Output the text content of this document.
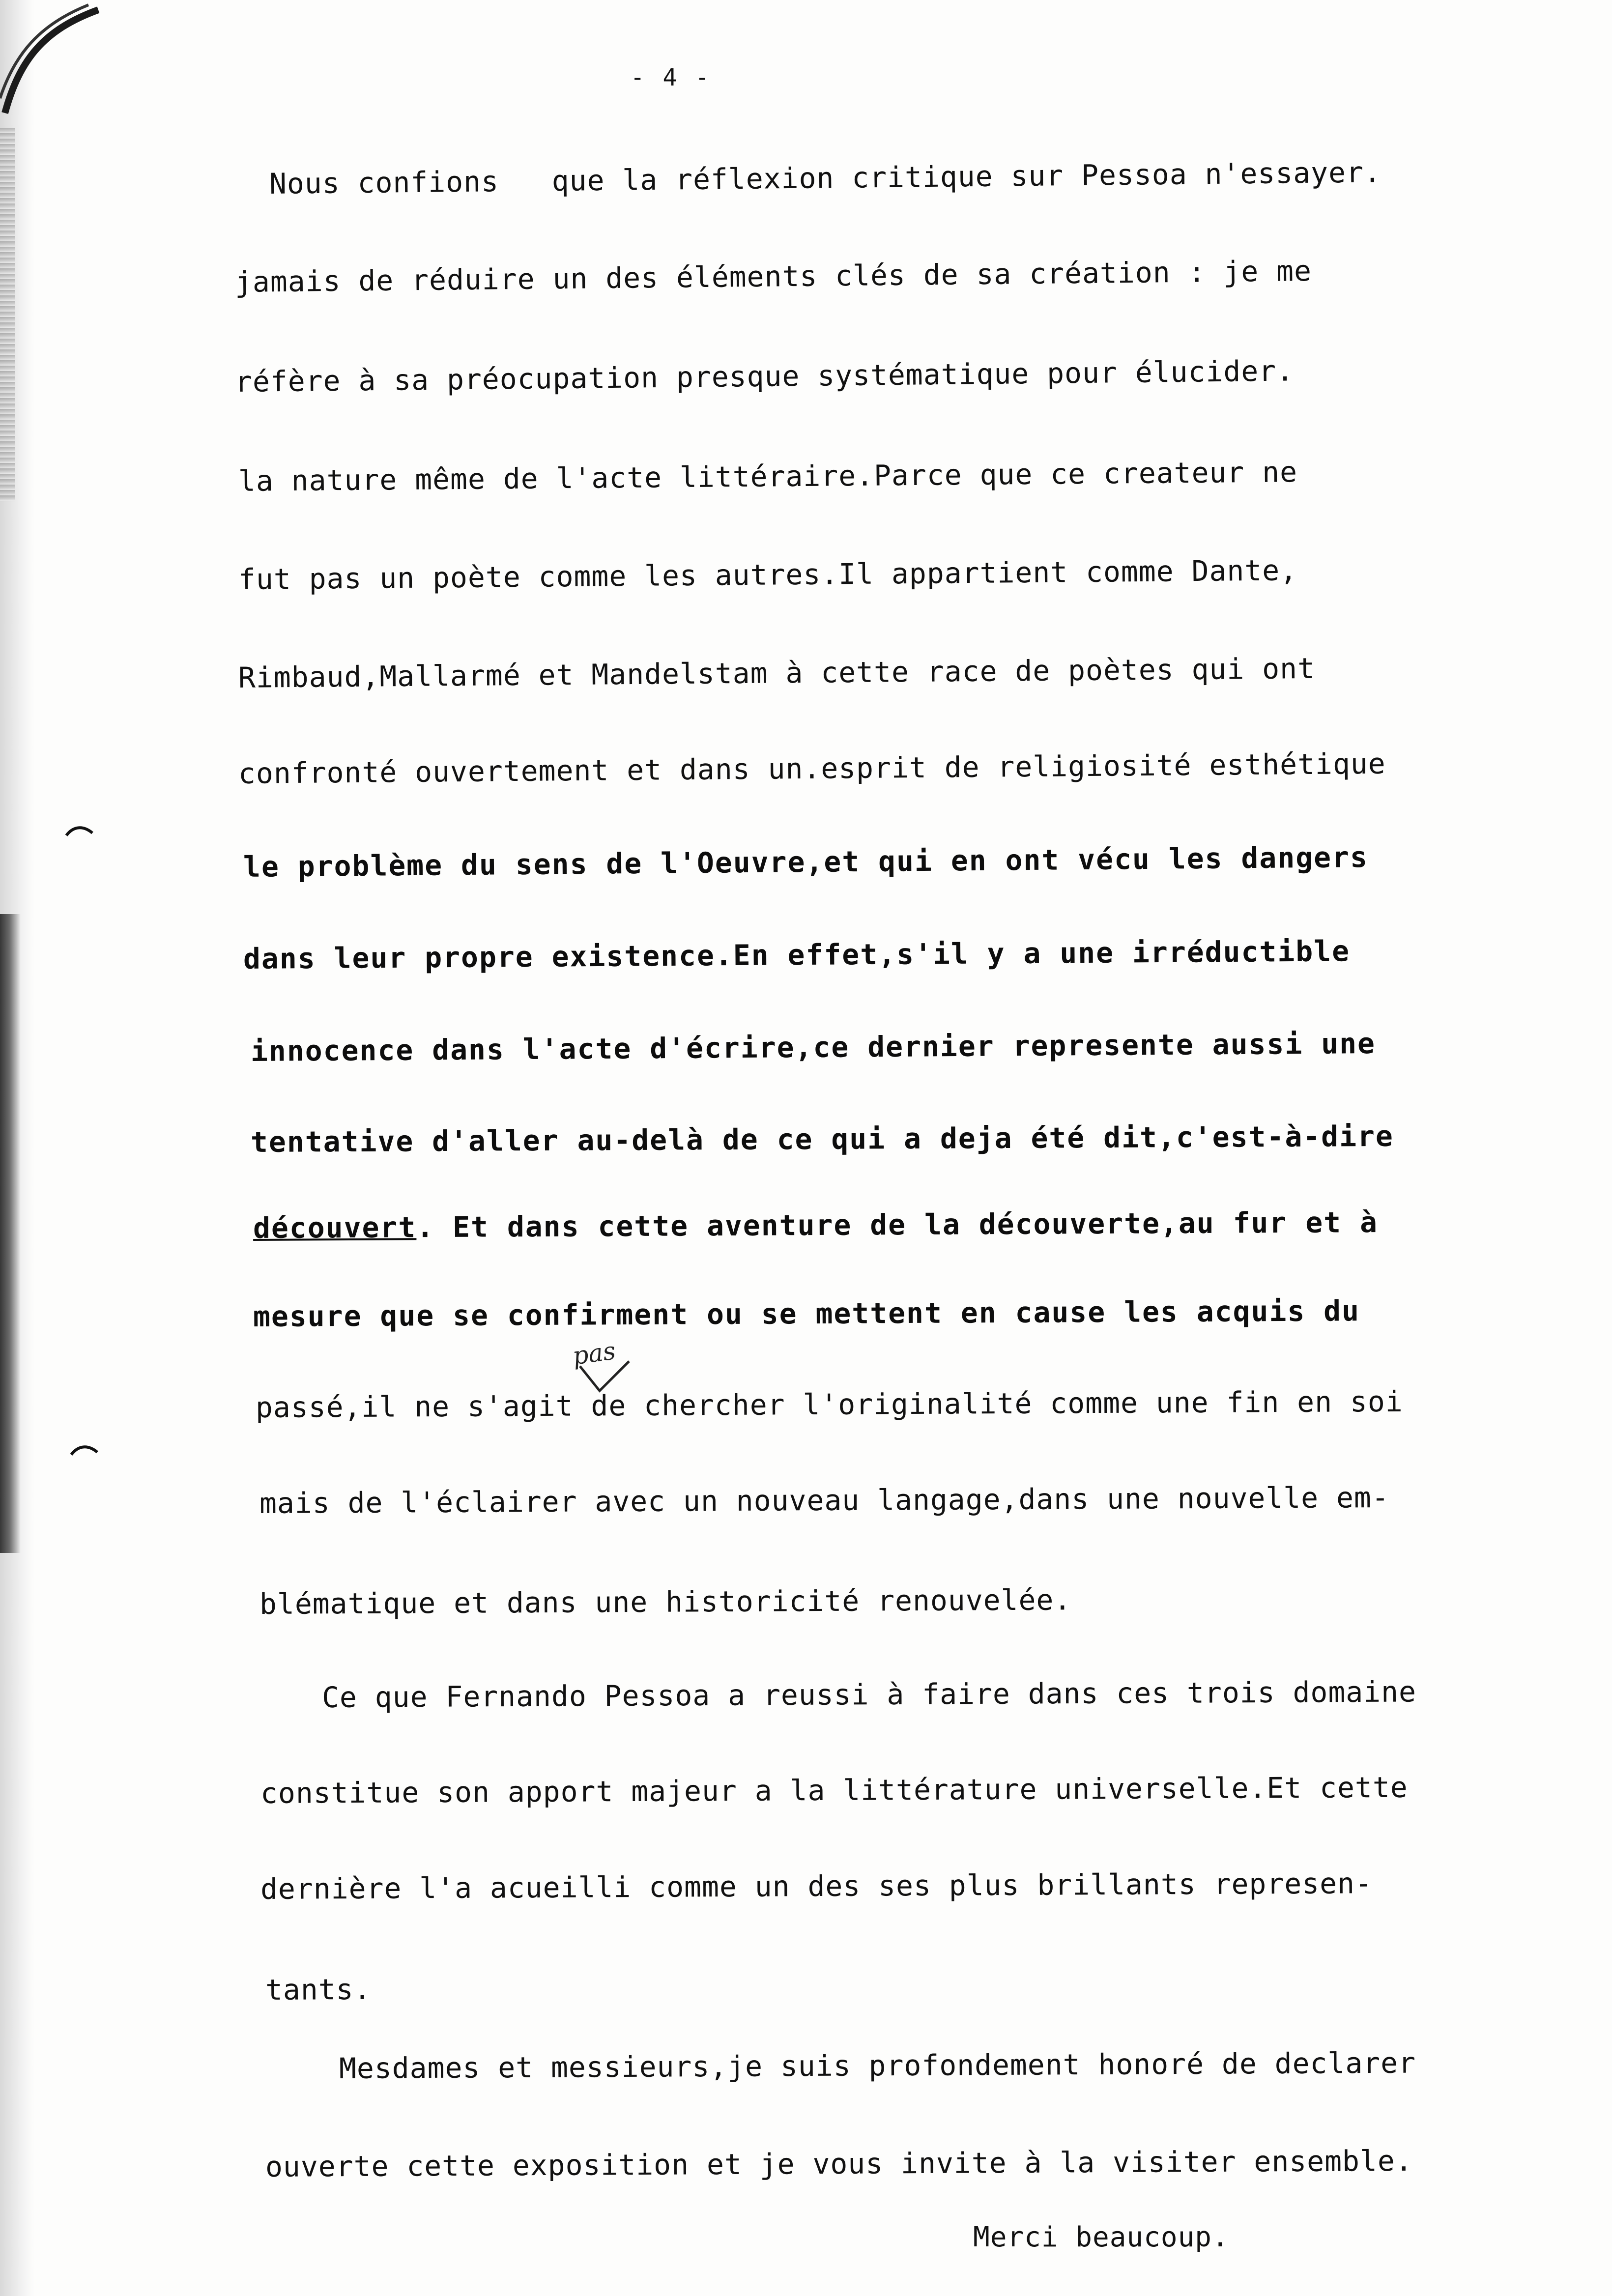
- 4 -
Nous confions   que la réflexion critique sur Pessoa n'essayer.
jamais de réduire un des éléments clés de sa création : je me
réfère à sa préocupation presque systématique pour élucider.
la nature même de l'acte littéraire.Parce que ce createur ne
fut pas un poète comme les autres.Il appartient comme Dante,
Rimbaud,Mallarmé et Mandelstam à cette race de poètes qui ont
confronté ouvertement et dans un.esprit de religiosité esthétique
le problème du sens de l'Oeuvre,et qui en ont vécu les dangers
dans leur propre existence.En effet,s'il y a une irréductible
innocence dans l'acte d'écrire,ce dernier represente aussi une
tentative d'aller au-delà de ce qui a deja été dit,c'est-à-dire
découvert. Et dans cette aventure de la découverte,au fur et à
mesure que se confirment ou se mettent en cause les acquis du
passé,il ne s'agit de chercher l'originalité comme une fin en soi
mais de l'éclairer avec un nouveau langage,dans une nouvelle em-
blématique et dans une historicité renouvelée.
Ce que Fernando Pessoa a reussi à faire dans ces trois domaine
constitue son apport majeur a la littérature universelle.Et cette
dernière l'a acueilli comme un des ses plus brillants represen-
tants.
Mesdames et messieurs,je suis profondement honoré de declarer
ouverte cette exposition et je vous invite à la visiter ensemble.
pas
Merci beaucoup.
